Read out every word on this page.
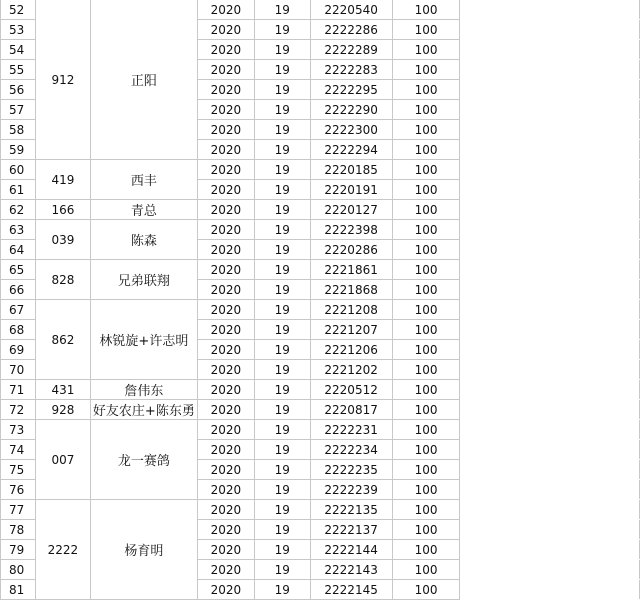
52	912	正阳	2020	19	2220540	100	
53			2020	19	2222286	100	
54			2020	19	2222289	100	
55			2020	19	2222283	100	
56			2020	19	2222295	100	
57			2020	19	2222290	100	
58			2020	19	2222300	100	
59			2020	19	2222294	100	
60	419	西丰	2020	19	2220185	100	
61			2020	19	2220191	100	
62	166	青总	2020	19	2220127	100	
63	039	陈森	2020	19	2222398	100	
64			2020	19	2220286	100	
65	828	兄弟联翔	2020	19	2221861	100	
66			2020	19	2221868	100	
67	862	林锐旋+许志明	2020	19	2221208	100	
68			2020	19	2221207	100	
69			2020	19	2221206	100	
70			2020	19	2221202	100	
71	431	詹伟东	2020	19	2220512	100	
72	928	好友农庄+陈东勇	2020	19	2220817	100	
73	007	龙一赛鸽	2020	19	2222231	100	
74			2020	19	2222234	100	
75			2020	19	2222235	100	
76			2020	19	2222239	100	
77	2222	杨育明	2020	19	2222135	100	
78			2020	19	2222137	100	
79			2020	19	2222144	100	
80			2020	19	2222143	100	
81			2020	19	2222145	100	
